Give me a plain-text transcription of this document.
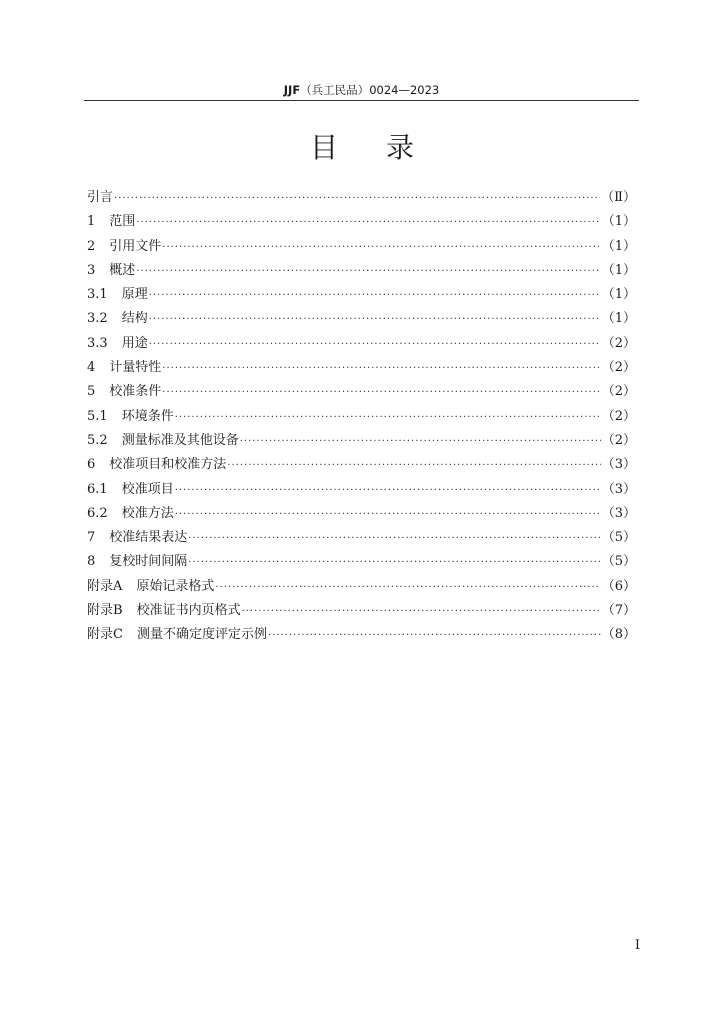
JJF（兵工民品）0024—2023
目录
引言 ·····	（Ⅱ）
1 范围 ·····	（1）
2 引用文件 ·····	（1）
3 概述 ·····	（1）
3.1 原理 ·····	（1）
3.2 结构 ·····	（1）
3.3 用途 ·····	（2）
4 计量特性 ·····	（2）
5 校准条件 ·····	（2）
5.1 环境条件 ·····	（2）
5.2 测量标准及其他设备 ·····	（2）
6 校准项目和校准方法 ·····	（3）
6.1 校准项目 ·····	（3）
6.2 校准方法 ·····	（3）
7 校准结果表达 ·····	（5）
8 复校时间间隔 ·····	（5）
附录A 原始记录格式 ·····	（6）
附录B 校准证书内页格式 ·····	（7）
附录C 测量不确定度评定示例 ·····	（8）
I
